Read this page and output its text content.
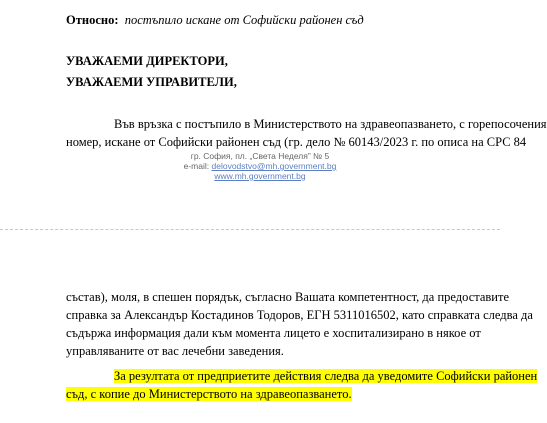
Относно: постъпило искане от Софийски районен съд
УВАЖАЕМИ ДИРЕКТОРИ,
УВАЖАЕМИ УПРАВИТЕЛИ,
Във връзка с постъпило в Министерството на здравеопазването, с горепосочения
номер, искане от Софийски районен съд (гр. дело № 60143/2023 г. по описа на СРС 84
гр. София, пл. „Света Неделя” № 5
e-mail: delovodstvo@mh.government.bg
www.mh.government.bg
състав), моля, в спешен порядък, съгласно Вашата компетентност, да предоставите
справка за Александър Костадинов Тодоров, ЕГН 5311016502, като справката следва да
съдържа информация дали към момента лицето е хоспитализирано в някое от
управляваните от вас лечебни заведения.
За резултата от предприетите действия следва да уведомите Софийски районен
съд, с копие до Министерството на здравеопазването.
